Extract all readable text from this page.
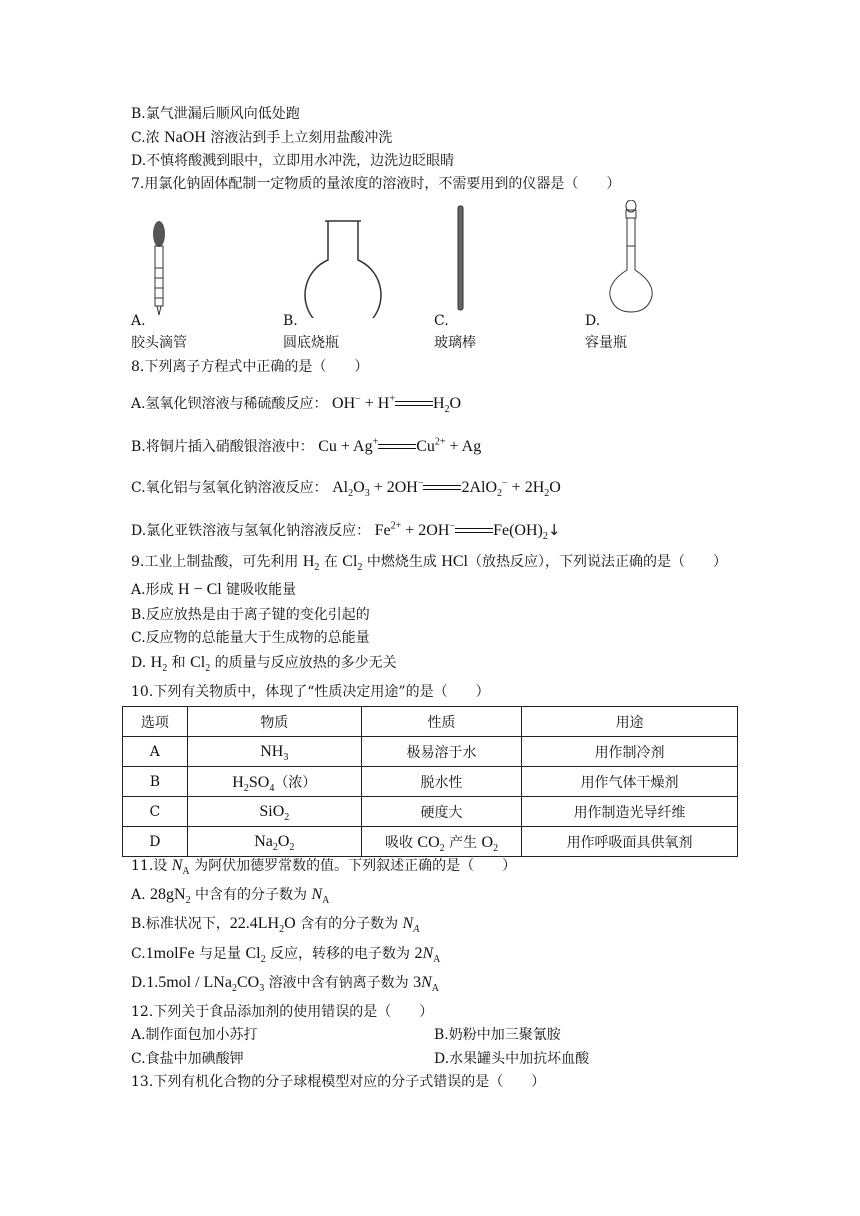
B.氯气泄漏后顺风向低处跑
C.浓 NaOH 溶液沾到手上立刻用盐酸冲洗
D.不慎将酸溅到眼中，立即用水冲洗，边洗边眨眼睛
7.用氯化钠固体配制一定物质的量浓度的溶液时，不需要用到的仪器是（　　）
A.
胶头滴管
B.
圆底烧瓶
C.
玻璃棒
D.
容量瓶
8.下列离子方程式中正确的是（　　）
A.氢氧化钡溶液与稀硫酸反应： OH− + H+ $H_2O$
B.将铜片插入硝酸银溶液中： Cu + Ag+ $Cu^{2+} + Ag$
C.氧化铝与氢氧化钠溶液反应： $Al_2O_3 + 2OH^-$ $2AlO_2^- + 2H_2O$
D.氯化亚铁溶液与氢氧化钠溶液反应： $Fe^{2+} + 2OH^-$ $Fe(OH)_2↓$
9.工业上制盐酸，可先利用 $H_2$ 在 $Cl_2$ 中燃烧生成 HCl（放热反应），下列说法正确的是（　　）
A.形成 H − Cl 键吸收能量
B.反应放热是由于离子键的变化引起的
C.反应物的总能量大于生成物的总能量
D. $H_2$ 和 $Cl_2$ 的质量与反应放热的多少无关
10.下列有关物质中，体现了“性质决定用途”的是（　　）
选项	物质	性质	用途
A	$NH_3$	极易溶于水	用作制冷剂
B	$H_2SO_4$（浓）	脱水性	用作气体干燥剂
C	SiO$_2$	硬度大	用作制造光导纤维
D	$Na_2O_2$	吸收 $CO_2$ 产生 $O_2$	用作呼吸面具供氧剂
11.设 $N_A$ 为阿伏加德罗常数的值。下列叙述正确的是（　　）
A. $28gN_2$ 中含有的分子数为 $N_A$
B.标准状况下，$22.4LH_2O$ 含有的分子数为 $N_A$
C.1molFe 与足量 $Cl_2$ 反应，转移的电子数为 $2N_A$
$D.1.5mol / LNa_2CO_3$ 溶液中含有钠离子数为 $3N_A$
12.下列关于食品添加剂的使用错误的是（　　）
A.制作面包加小苏打	B.奶粉中加三聚氰胺
C.食盐中加碘酸钾	D.水果罐头中加抗坏血酸
13.下列有机化合物的分子球棍模型对应的分子式错误的是（　　）
